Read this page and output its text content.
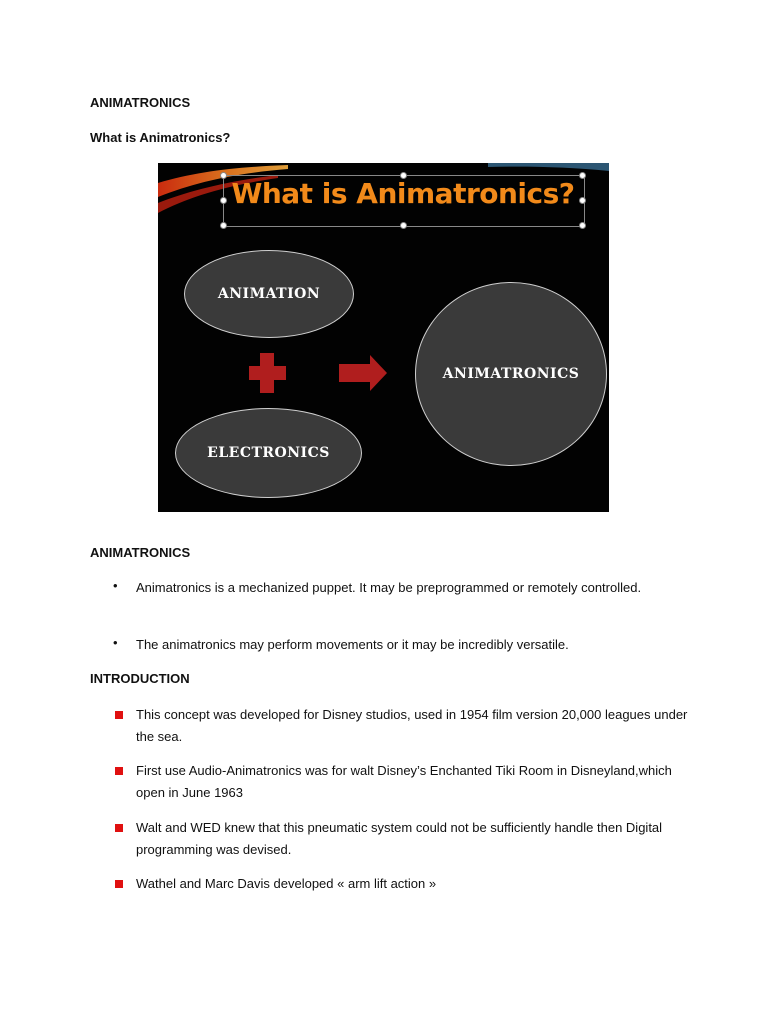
ANIMATRONICS
What is Animatronics?
What is Animatronics?
ANIMATION
ELECTRONICS
ANIMATRONICS
ANIMATRONICS
• Animatronics is a mechanized puppet. It may be preprogrammed or remotely controlled.
• The animatronics may perform movements or it may be incredibly versatile.
INTRODUCTION
This concept was developed for Disney studios, used in 1954 film version 20,000 leagues under the sea.
First use Audio-Animatronics was for walt Disney’s Enchanted Tiki Room in Disneyland,which open in June 1963
Walt and WED knew that this pneumatic system could not be sufficiently handle then Digital programming was devised.
Wathel and Marc Davis developed « arm lift action »
